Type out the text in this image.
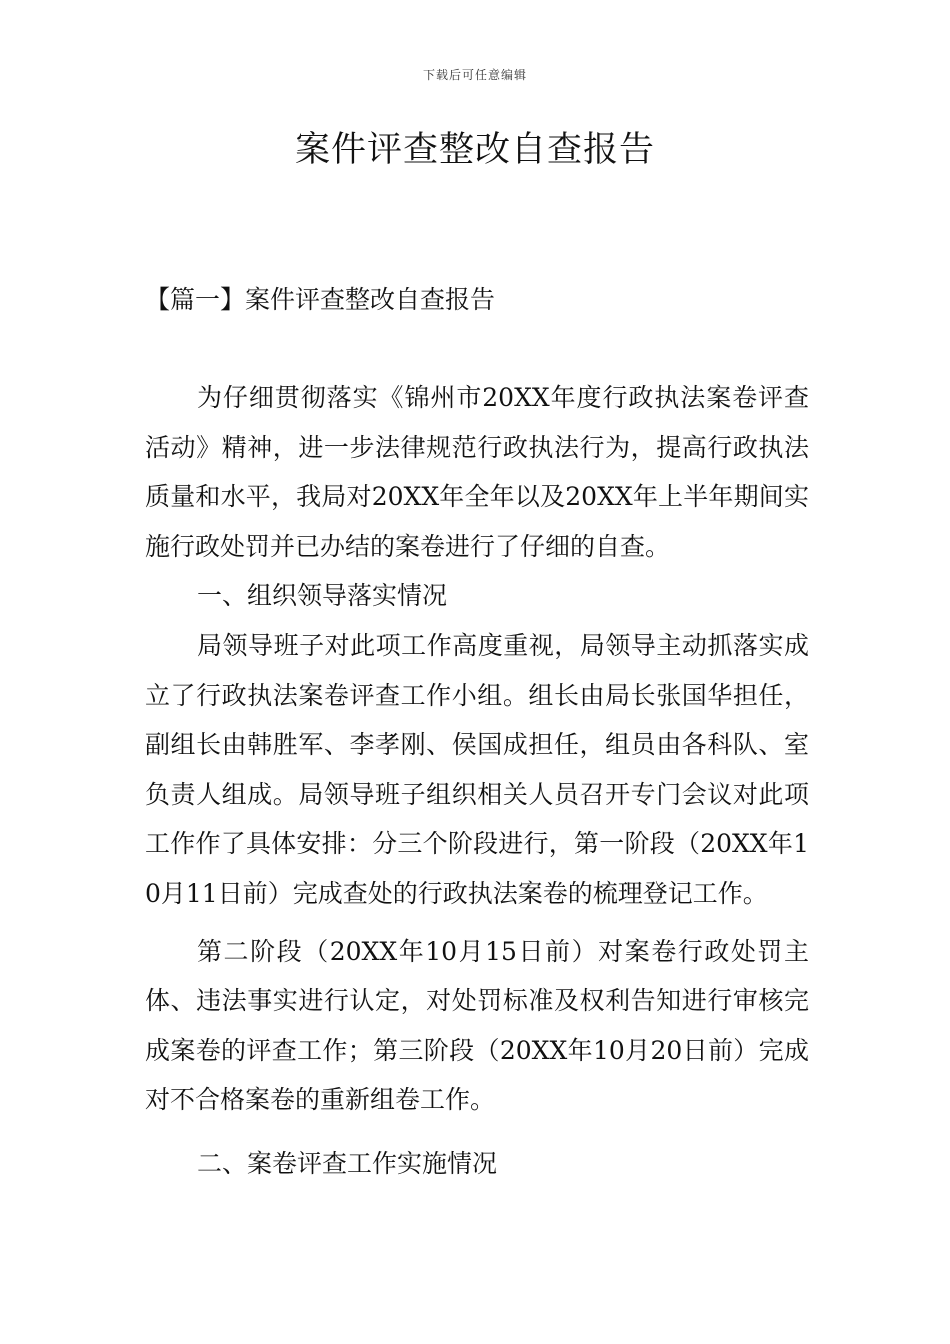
下载后可任意编辑
案件评查整改自查报告
【篇一】案件评查整改自查报告

为仔细贯彻落实《锦州市20XX年度行政执法案卷评查活动》精神，进一步法律规范行政执法行为，提高行政执法质量和水平，我局对20XX年全年以及20XX年上半年期间实施行政处罚并已办结的案卷进行了仔细的自查。

一、组织领导落实情况

局领导班子对此项工作高度重视，局领导主动抓落实成立了行政执法案卷评查工作小组。组长由局长张国华担任，副组长由韩胜军、李孝刚、侯国成担任，组员由各科队、室负责人组成。局领导班子组织相关人员召开专门会议对此项工作作了具体安排：分三个阶段进行，第一阶段（20XX年10月11日前）完成查处的行政执法案卷的梳理登记工作。

第二阶段（20XX年10月15日前）对案卷行政处罚主体、违法事实进行认定，对处罚标准及权利告知进行审核完成案卷的评查工作；第三阶段（20XX年10月20日前）完成对不合格案卷的重新组卷工作。

二、案卷评查工作实施情况
